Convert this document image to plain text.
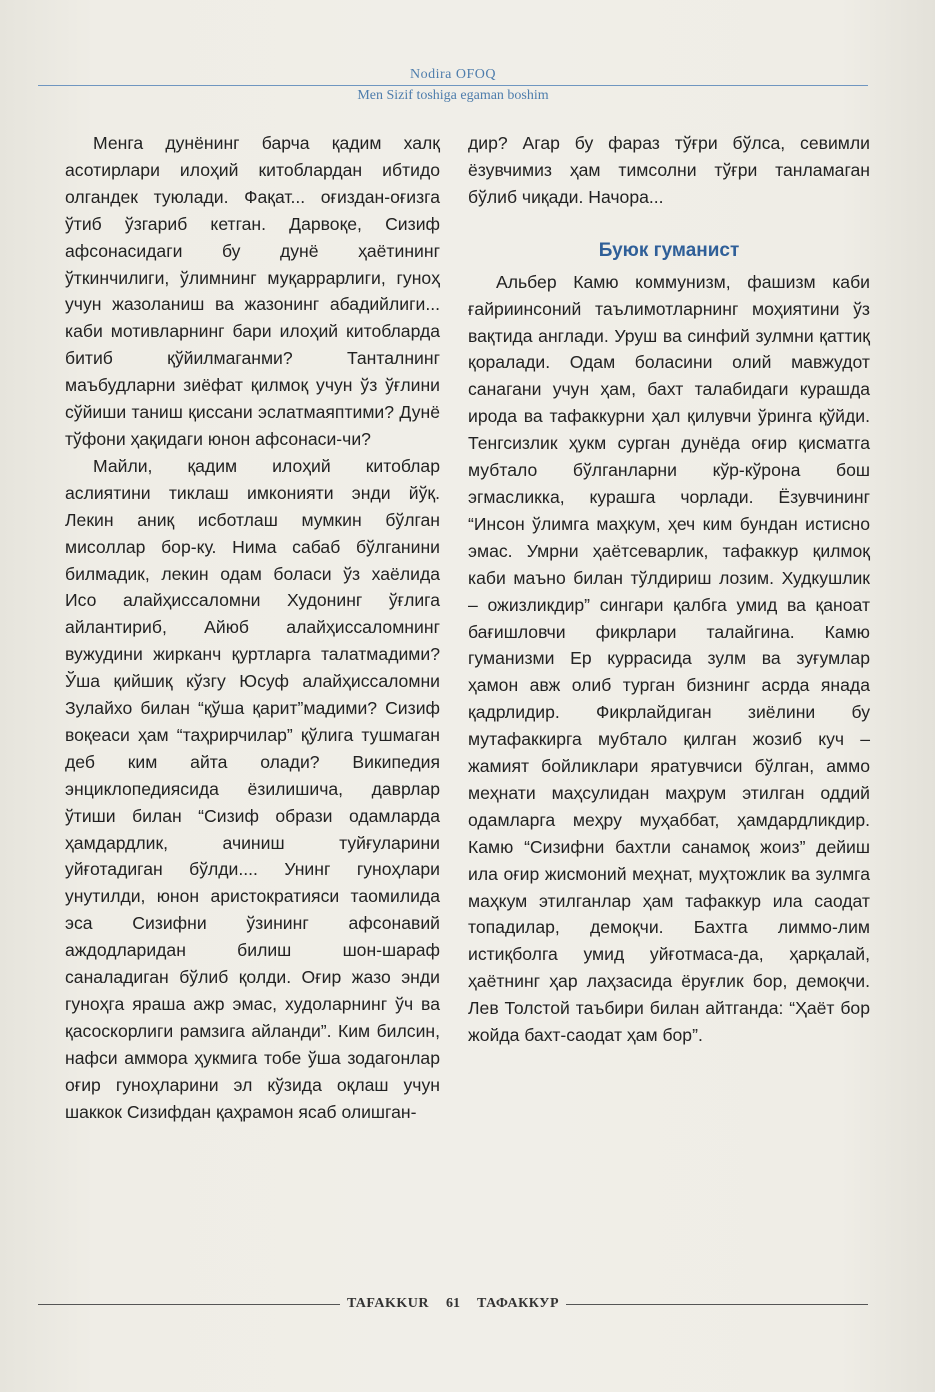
Nodira OFOQ
Men Sizif toshiga egaman boshim

Менга дунёнинг барча қадим халқ асотирлари илоҳий китоблардан ибтидо олгандек туюлади. Фақат... оғиздан-оғизга ўтиб ўзгариб кетган. Дарвоқе, Сизиф афсонасидаги бу дунё ҳаётининг ўткинчилиги, ўлимнинг муқаррарлиги, гуноҳ учун жазоланиш ва жазонинг абадийлиги... каби мотивларнинг бари илоҳий китобларда битиб қўйилмаганми? Танталнинг маъбудларни зиёфат қилмоқ учун ўз ўғлини сўйиши таниш қиссани эслатмаяптими? Дунё тўфони ҳақидаги юнон афсонаси-чи?

Майли, қадим илоҳий китоблар аслиятини тиклаш имконияти энди йўқ. Лекин аниқ исботлаш мумкин бўлган мисоллар бор-ку. Нима сабаб бўлганини билмадик, лекин одам боласи ўз хаёлида Исо алайҳиссаломни Худонинг ўғлига айлантириб, Айюб алайҳиссаломнинг вужудини жирканч қуртларга талатмадими? Ўша қийшиқ кўзгу Юсуф алайҳиссаломни Зулайхо билан “қўша қарит”мадими? Сизиф воқеаси ҳам “таҳрирчилар” қўлига тушмаган деб ким айта олади? Википедия энциклопедиясида ёзилишича, даврлар ўтиши билан “Сизиф образи одамларда ҳамдардлик, ачиниш туйғуларини уйғотадиган бўлди.... Унинг гуноҳлари унутилди, юнон аристократияси таомилида эса Сизифни ўзининг афсонавий аждодларидан билиш шон-шараф саналадиган бўлиб қолди. Оғир жазо энди гуноҳга яраша ажр эмас, худоларнинг ўч ва қасоскорлиги рамзига айланди”. Ким билсин, нафси аммора ҳукмига тобе ўша зодагонлар оғир гуноҳларини эл кўзида оқлаш учун шаккок Сизифдан қаҳрамон ясаб олишган-

дир? Агар бу фараз тўғри бўлса, севимли ёзувчимиз ҳам тимсолни тўғри танламаган бўлиб чиқади. Начора...

Буюк гуманист

Альбер Камю коммунизм, фашизм каби ғайриинсоний таълимотларнинг моҳиятини ўз вақтида англади. Уруш ва синфий зулмни қаттиқ қоралади. Одам боласини олий мавжудот санагани учун ҳам, бахт талабидаги курашда ирода ва тафаккурни ҳал қилувчи ўринга қўйди. Тенгсизлик ҳукм сурган дунёда оғир қисматга мубтало бўлганларни кўр-кўрона бош эгмасликка, курашга чорлади. Ёзувчининг “Инсон ўлимга маҳкум, ҳеч ким бундан истисно эмас. Умрни ҳаётсеварлик, тафаккур қилмоқ каби маъно билан тўлдириш лозим. Худкушлик – ожизликдир” сингари қалбга умид ва қаноат бағишловчи фикрлари талайгина. Камю гуманизми Ер куррасида зулм ва зуғумлар ҳамон авж олиб турган бизнинг асрда янада қадрлидир. Фикрлайдиган зиёлини бу мутафаккирга мубтало қилган жозиб куч – жамият бойликлари яратувчиси бўлган, аммо меҳнати маҳсулидан маҳрум этилган оддий одамларга меҳру муҳаббат, ҳамдардликдир. Камю “Сизифни бахтли санамоқ жоиз” дейиш ила оғир жисмоний меҳнат, муҳтожлик ва зулмга маҳкум этилганлар ҳам тафаккур ила саодат топадилар, демоқчи. Бахтга лиммо-лим истиқболга умид уйғотмаса-да, ҳарқалай, ҳаётнинг ҳар лаҳзасида ёруғлик бор, демоқчи. Лев Толстой таъбири билан айтганда: “Ҳаёт бор жойда бахт-саодат ҳам бор”.

TAFAKKUR	61	ТАФАККУР
